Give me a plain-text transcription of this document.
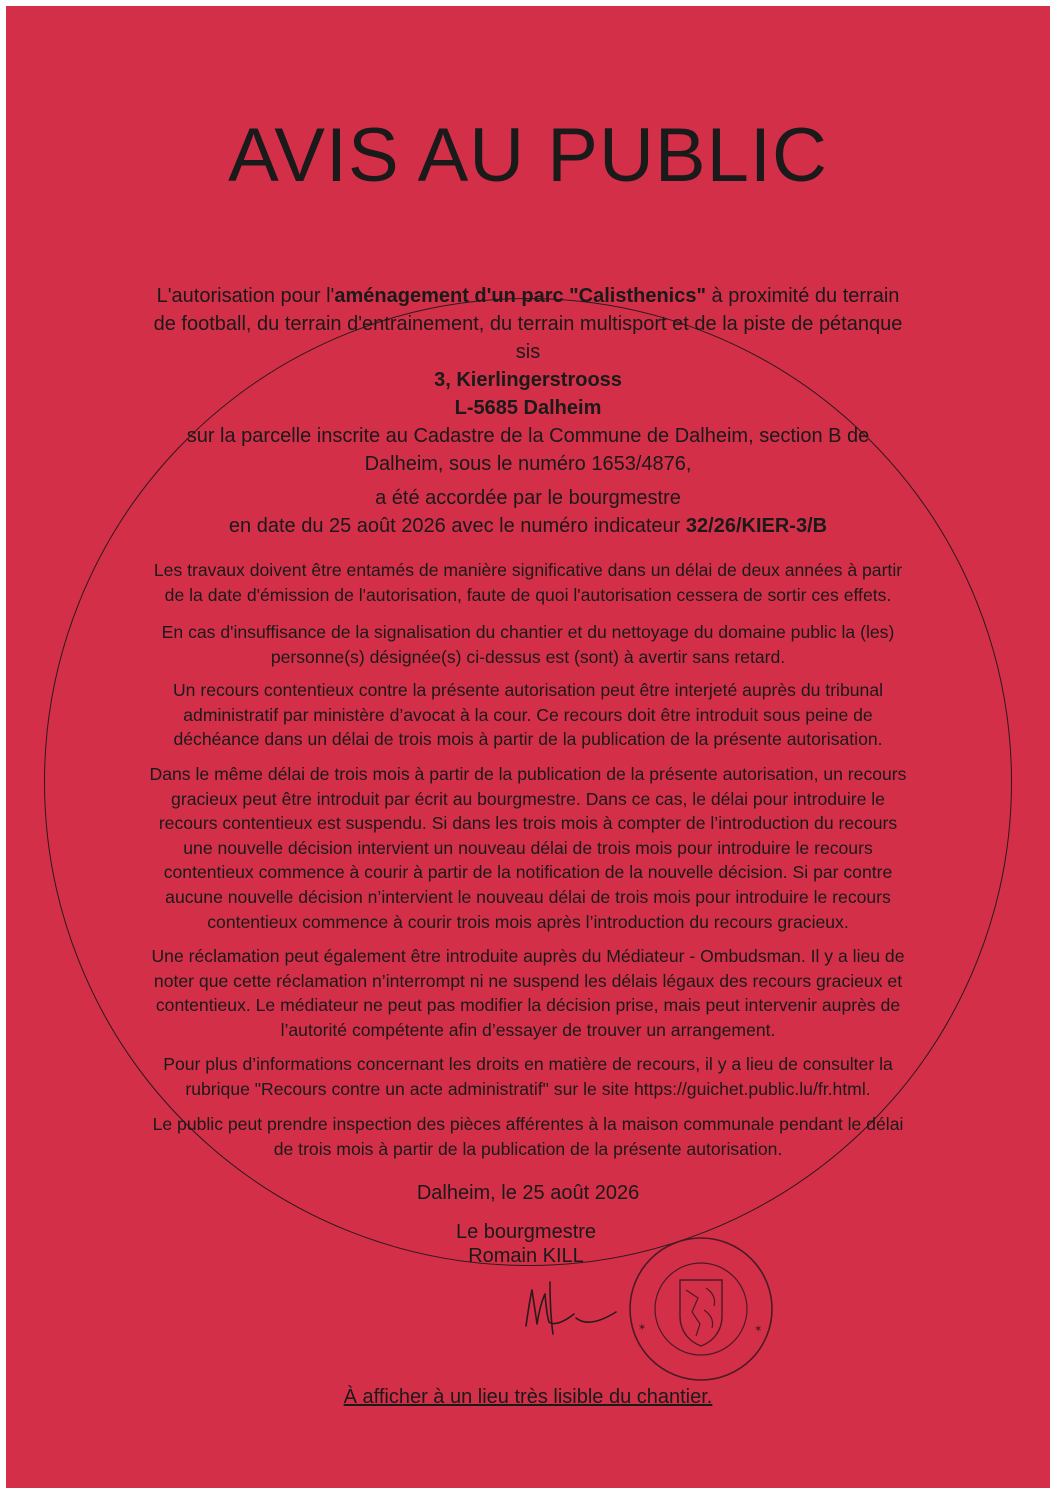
AVIS AU PUBLIC
L'autorisation pour l'aménagement d'un parc "Calisthenics" à proximité du terrain
de football, du terrain d'entrainement, du terrain multisport et de la piste de pétanque
sis
3, Kierlingerstrooss
L-5685 Dalheim
sur la parcelle inscrite au Cadastre de la Commune de Dalheim, section B de
Dalheim, sous le numéro 1653/4876,
a été accordée par le bourgmestre
en date du 25 août 2026 avec le numéro indicateur 32/26/KIER-3/B
Les travaux doivent être entamés de manière significative dans un délai de deux années à partir
de la date d'émission de l'autorisation, faute de quoi l'autorisation cessera de sortir ces effets.
En cas d'insuffisance de la signalisation du chantier et du nettoyage du domaine public la (les)
personne(s) désignée(s) ci-dessus est (sont) à avertir sans retard.
Un recours contentieux contre la présente autorisation peut être interjeté auprès du tribunal
administratif par ministère d’avocat à la cour. Ce recours doit être introduit sous peine de
déchéance dans un délai de trois mois à partir de la publication de la présente autorisation.
Dans le même délai de trois mois à partir de la publication de la présente autorisation, un recours
gracieux peut être introduit par écrit au bourgmestre. Dans ce cas, le délai pour introduire le
recours contentieux est suspendu. Si dans les trois mois à compter de l’introduction du recours
une nouvelle décision intervient un nouveau délai de trois mois pour introduire le recours
contentieux commence à courir à partir de la notification de la nouvelle décision. Si par contre
aucune nouvelle décision n’intervient le nouveau délai de trois mois pour introduire le recours
contentieux commence à courir trois mois après l’introduction du recours gracieux.
Une réclamation peut également être introduite auprès du Médiateur - Ombudsman. Il y a lieu de
noter que cette réclamation n’interrompt ni ne suspend les délais légaux des recours gracieux et
contentieux. Le médiateur ne peut pas modifier la décision prise, mais peut intervenir auprès de
l’autorité compétente afin d’essayer de trouver un arrangement.
Pour plus d’informations concernant les droits en matière de recours, il y a lieu de consulter la
rubrique "Recours contre un acte administratif" sur le site https://guichet.public.lu/fr.html.
Le public peut prendre inspection des pièces afférentes à la maison communale pendant le délai
de trois mois à partir de la publication de la présente autorisation.
Dalheim, le 25 août 2026
Le bourgmestre
Romain KILL
✶	✶
À afficher à un lieu très lisible du chantier.
